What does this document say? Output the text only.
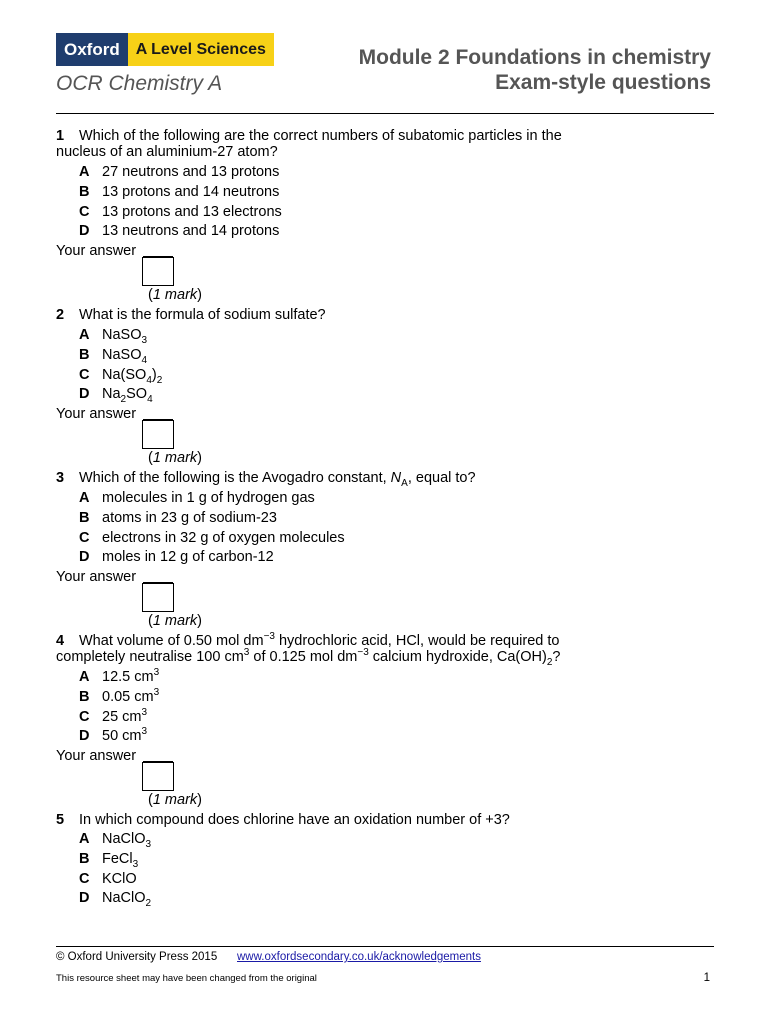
Oxford	A Level Sciences
OCR Chemistry A
Module 2 Foundations in chemistry
Exam-style questions
1 Which of the following are the correct numbers of subatomic particles in the
nucleus of an aluminium-27 atom?
A 27 neutrons and 13 protons
B 13 protons and 14 neutrons
C 13 protons and 13 electrons
D 13 neutrons and 14 protons
Your answer
(1 mark)
2 What is the formula of sodium sulfate?
A NaSO$_3$
B NaSO$_4$
C $Na(SO_4)_2$
D $Na_2SO_4$
Your answer
(1 mark)
3 Which of the following is the Avogadro constant, $N_A$, equal to?
A molecules in 1 g of hydrogen gas
B atoms in 23 g of sodium-23
C electrons in 32 g of oxygen molecules
D moles in 12 g of carbon-12
Your answer
(1 mark)
4 What volume of 0.50 mol $dm^{-3}$ hydrochloric acid, HCl, would be required to
completely neutralise 100 $cm^3$ of 0.125 mol $dm^{-3}$ calcium hydroxide, $Ca(OH)_2$?
A 12.5 $cm^3$
B 0.05 $cm^3$
C 25 $cm^3$
D 50 $cm^3$
Your answer
(1 mark)
5 In which compound does chlorine have an oxidation number of +3?
A NaClO$_3$
B FeCl$_3$
C KClO
D NaClO$_2$
© Oxford University Press 2015 www.oxfordsecondary.co.uk/acknowledgements
This resource sheet may have been changed from the original	1
